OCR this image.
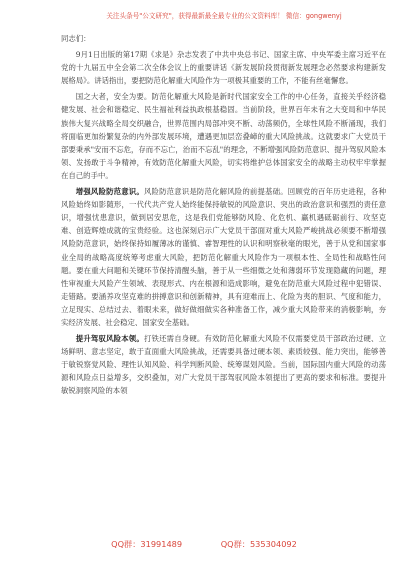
关注头条号"公文研究"，获得最新最全最专业的公文资料库！ 微信：gongwenyj

同志们：

9月1日出版的第17期《求是》杂志发表了中共中央总书记、国家主席、中央军委主席习近平在党的十九届五中全会第二次全体会议上的重要讲话《新发展阶段贯彻新发展理念必然要求构建新发展格局》。讲话指出，要把防范化解重大风险作为一项极其重要的工作，不能有丝毫懈怠。

国之大者，安全为要。防范化解重大风险是新时代国家安全工作的中心任务，直接关乎经济稳健发展、社会和谐稳定、民生福祉利益执政根基稳固。当前阶段，世界百年未有之大变局和中华民族伟大复兴战略全局交织融合，世界范围内局部冲突不断、动荡频仍，全球性风险不断涌现，我们将面临更加纷繁复杂的内外部发展环境，遭遇更加层峦叠嶂的重大风险挑战。这就要求广大党员干部要秉承"安而不忘危，存而不忘亡，治而不忘乱"的理念，不断增强风险防范意识、提升驾驭风险本领、发扬敢于斗争精神，有效防范化解重大风险，切实将维护总体国家安全的战略主动权牢牢掌握在自己的手中。

增强风险防范意识。风险防范意识是防范化解风险的前提基础。回顾党的百年历史进程，各种风险始终如影随形，一代代共产党人始终能保持敏锐的风险意识、突出的政治意识和强烈的责任意识，增强忧患意识，做到居安思危，这是我们党能够防风险、化危机、赢机遇砥砺前行、攻坚克难、创造辉煌成就的宝贵经验。这也深刻启示广大党员干部面对重大风险严峻挑战必须要不断增强风险防范意识，始终保持如履薄冰的谨慎、睿智理性的认识和明察秋毫的眼光，善于从党和国家事业全局的战略高度统筹考虑重大风险，把防范化解重大风险作为一项根本性、全局性和战略性问题。要在重大问题和关键环节保持清醒头脑，善于从一些细微之处和薄弱环节发现隐藏的问题，理性审视重大风险产生领域、表现形式、内在根源和造成影响，避免在防范重大风险过程中犯错误、走错路。要涵养攻坚克难的拼搏意识和创新精神，具有迎难而上、化险为夷的胆识、气度和能力，立足现实、总结过去、着眼未来，做好做细做实各种准备工作，减少重大风险带来的消极影响，夯实经济发展、社会稳定、国家安全基础。

提升驾驭风险本领。打铁还需自身硬。有效防范化解重大风险不仅需要党员干部政治过硬、立场鲜明、意志坚定，敢于直面重大风险挑战，还需要具备过硬本领、素质较强、能力突出，能够善于敏锐察觉风险、理性认知风险、科学判断风险、统筹谋划风险。当前，国际国内重大风险的动荡源和风险点日益增多，交织叠加，对广大党员干部驾驭风险本领提出了更高的要求和标准。要提升敏锐洞察风险的本领

QQ群：31991489	QQ群：535304092
